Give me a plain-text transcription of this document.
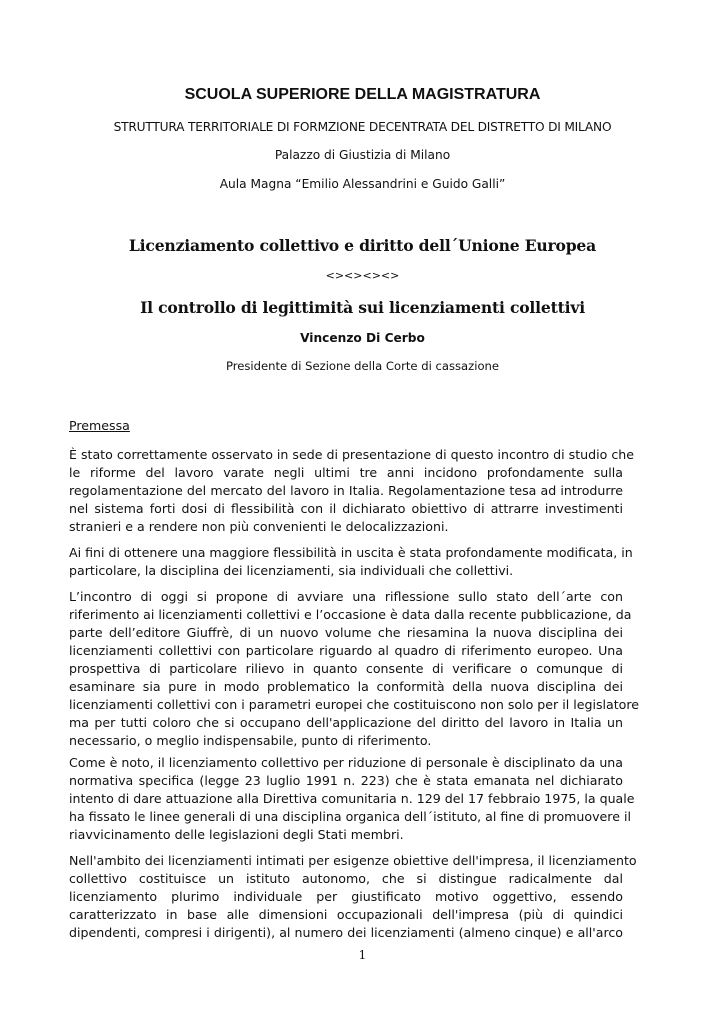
SCUOLA SUPERIORE DELLA MAGISTRATURA
STRUTTURA TERRITORIALE DI FORMZIONE DECENTRATA DEL DISTRETTO DI MILANO
Palazzo di Giustizia di Milano
Aula Magna “Emilio Alessandrini e Guido Galli”
Licenziamento collettivo e diritto dell´Unione Europea
<><><><>
Il controllo di legittimità sui licenziamenti collettivi
Vincenzo Di Cerbo
Presidente di Sezione della Corte di cassazione
Premessa
È stato correttamente osservato in sede di presentazione di questo incontro di studio che
le riforme del lavoro varate negli ultimi tre anni incidono profondamente sulla
regolamentazione del mercato del lavoro in Italia. Regolamentazione tesa ad introdurre
nel sistema forti dosi di flessibilità con il dichiarato obiettivo di attrarre investimenti
stranieri e a rendere non più convenienti le delocalizzazioni.
Ai fini di ottenere una maggiore flessibilità in uscita è stata profondamente modificata, in
particolare, la disciplina dei licenziamenti, sia individuali che collettivi.
L’incontro di oggi si propone di avviare una riflessione sullo stato dell´arte con
riferimento ai licenziamenti collettivi e l’occasione è data dalla recente pubblicazione, da
parte dell’editore Giuffrè, di un nuovo volume che riesamina la nuova disciplina dei
licenziamenti collettivi con particolare riguardo al quadro di riferimento europeo. Una
prospettiva di particolare rilievo in quanto consente di verificare o comunque di
esaminare sia pure in modo problematico la conformità della nuova disciplina dei
licenziamenti collettivi con i parametri europei che costituiscono non solo per il legislatore
ma per tutti coloro che si occupano dell'applicazione del diritto del lavoro in Italia un
necessario, o meglio indispensabile, punto di riferimento.
Come è noto, il licenziamento collettivo per riduzione di personale è disciplinato da una
normativa specifica (legge 23 luglio 1991 n. 223) che è stata emanata nel dichiarato
intento di dare attuazione alla Direttiva comunitaria n. 129 del 17 febbraio 1975, la quale
ha fissato le linee generali di una disciplina organica dell´istituto, al fine di promuovere il
riavvicinamento delle legislazioni degli Stati membri.
Nell'ambito dei licenziamenti intimati per esigenze obiettive dell'impresa, il licenziamento
collettivo costituisce un istituto autonomo, che si distingue radicalmente dal
licenziamento plurimo individuale per giustificato motivo oggettivo, essendo
caratterizzato in base alle dimensioni occupazionali dell'impresa (più di quindici
dipendenti, compresi i dirigenti), al numero dei licenziamenti (almeno cinque) e all'arco
1
